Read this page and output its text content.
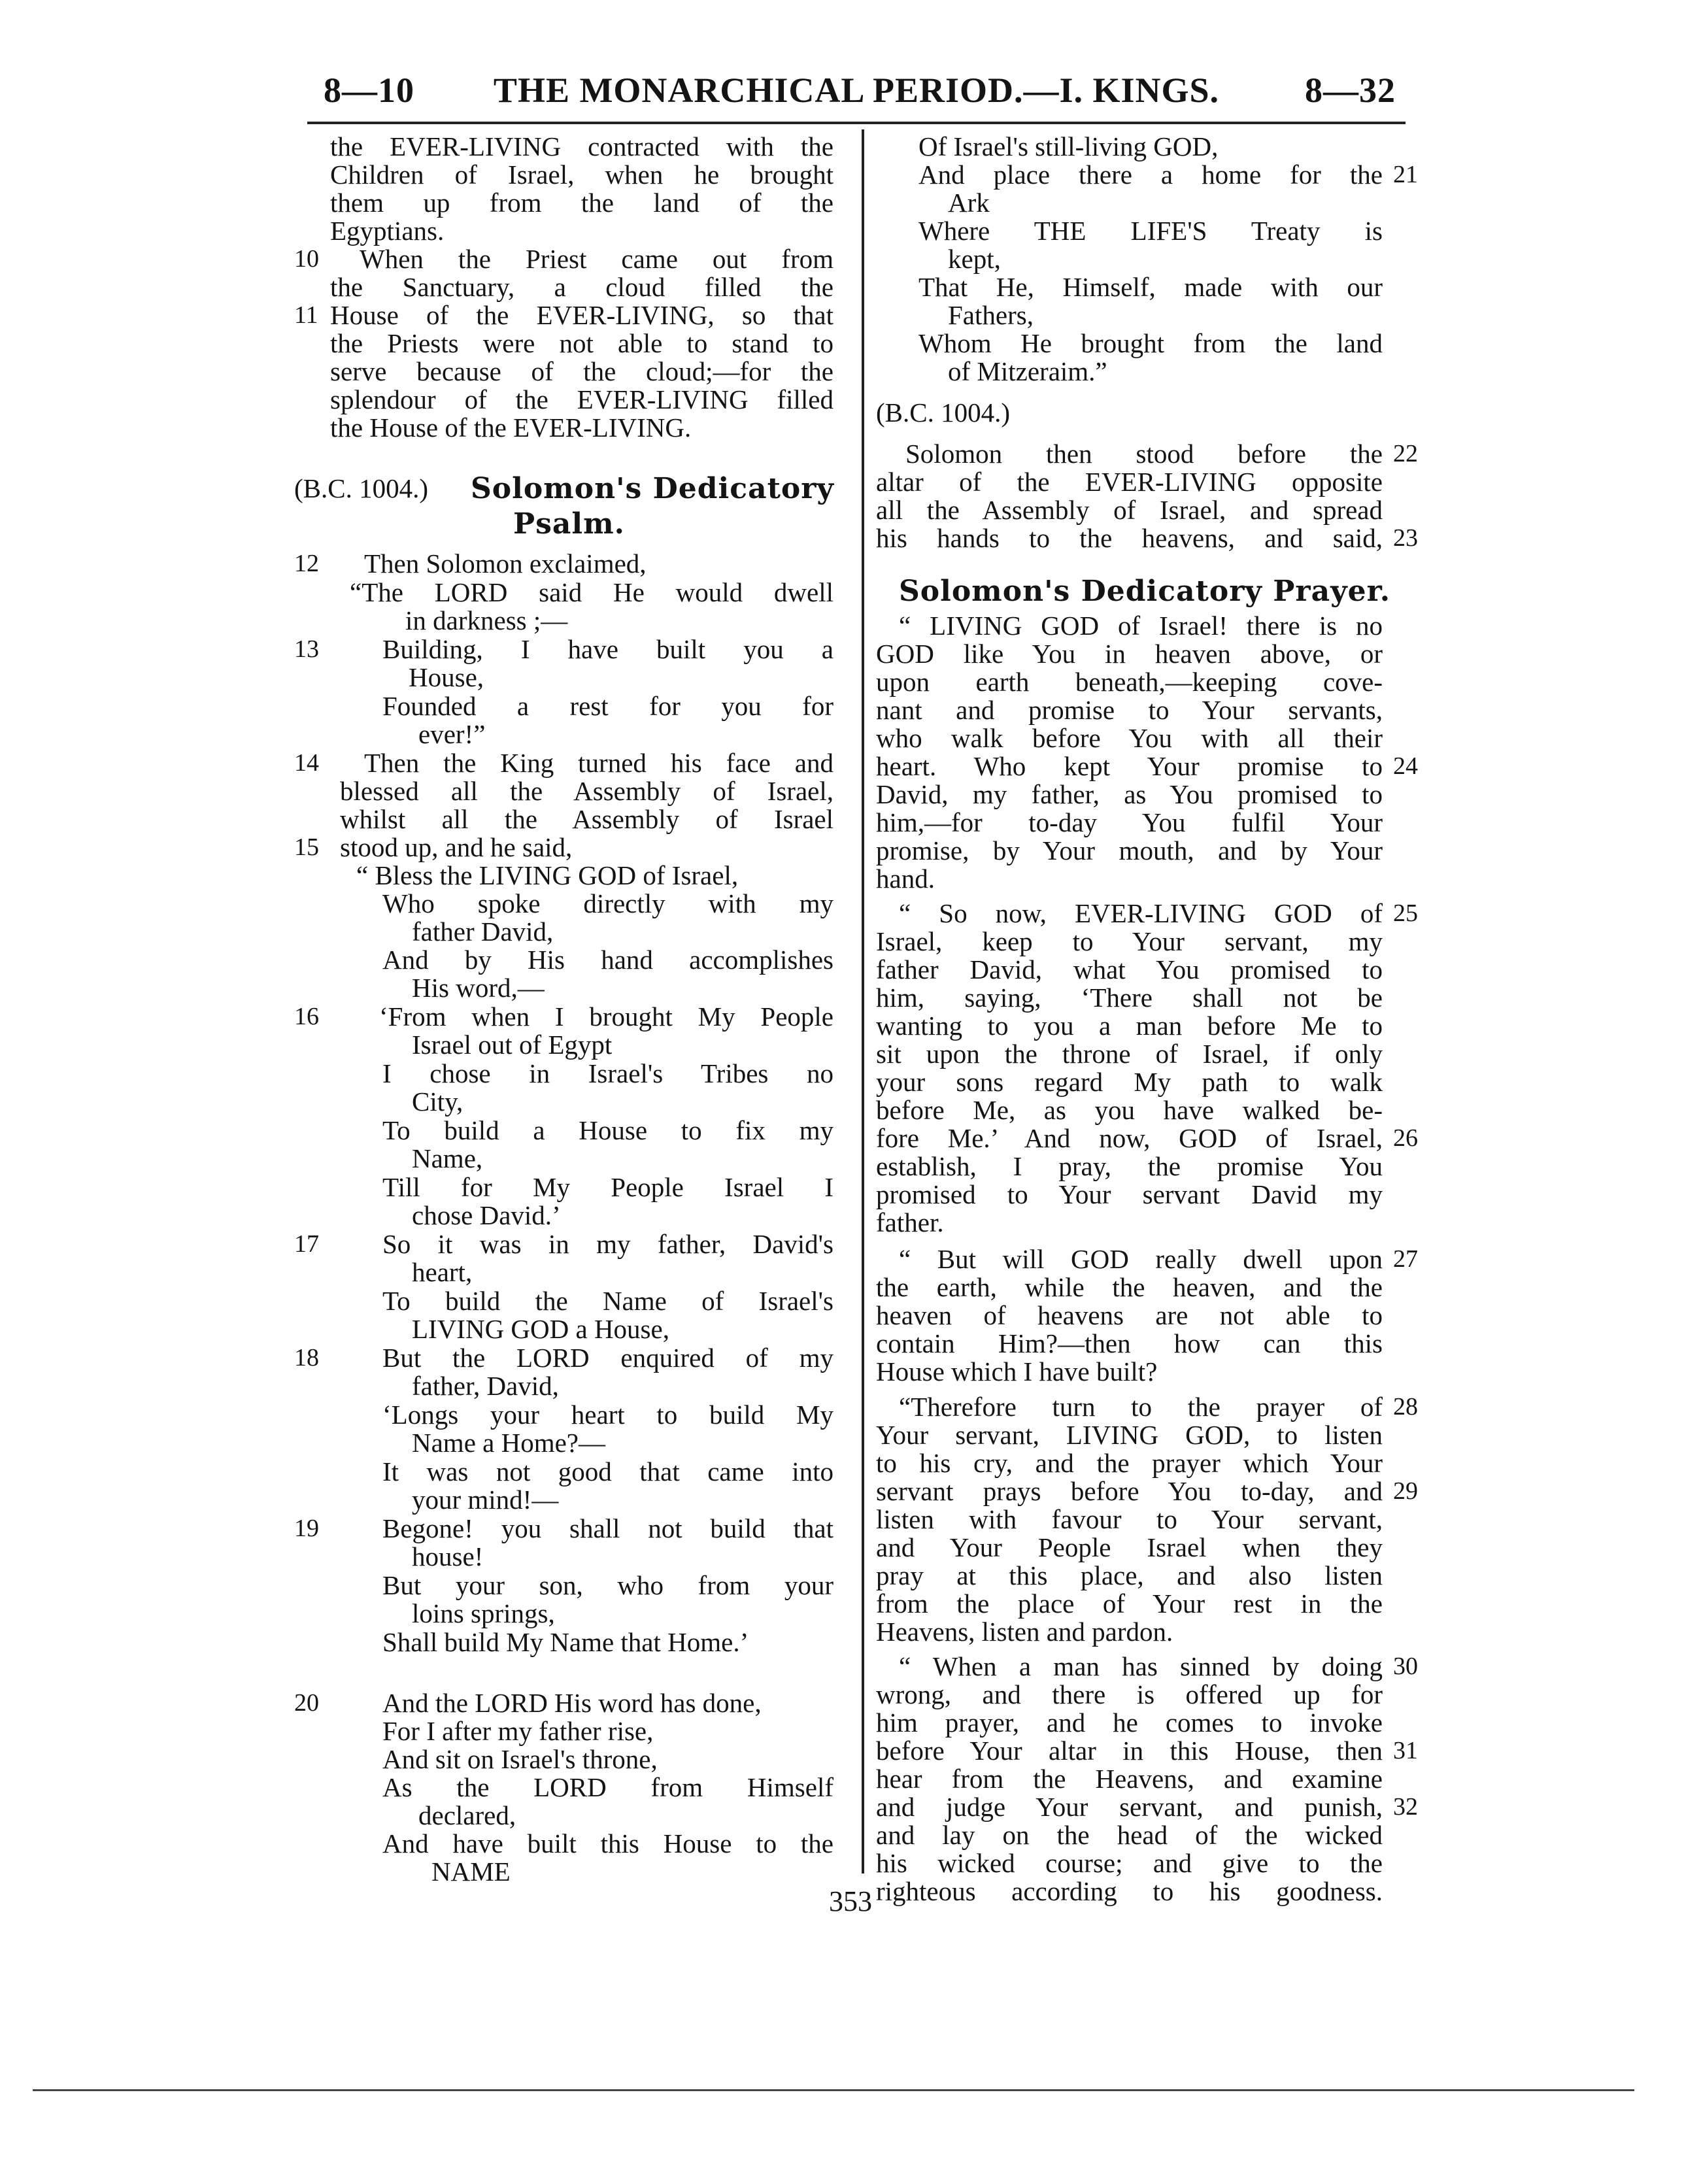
8—10	THE MONARCHICAL PERIOD.—I. KINGS.	8—32
the EVER-LIVING contracted with the
Children of Israel, when he brought
them up from the land of the
Egyptians.
When the Priest came out from
the Sanctuary, a cloud filled the
House of the EVER-LIVING, so that
the Priests were not able to stand to
serve because of the cloud;—for the
splendour of the EVER-LIVING filled
the House of the EVER-LIVING.
(B.C. 1004.) Solomon's Dedicatory
Psalm.
Then Solomon exclaimed,
“The LORD said He would dwell
in darkness ;—
Building, I have built you a
House,
Founded a rest for you for
ever!”
Then the King turned his face and
blessed all the Assembly of Israel,
whilst all the Assembly of Israel
stood up, and he said,
“ Bless the LIVING GOD of Israel,
Who spoke directly with my
father David,
And by His hand accomplishes
His word,—
‘From when I brought My People
Israel out of Egypt
I chose in Israel's Tribes no
City,
To build a House to fix my
Name,
Till for My People Israel I
chose David.’
So it was in my father, David's
heart,
To build the Name of Israel's
LIVING GOD a House,
But the LORD enquired of my
father, David,
‘Longs your heart to build My
Name a Home?—
It was not good that came into
your mind!—
Begone! you shall not build that
house!
But your son, who from your
loins springs,
Shall build My Name that Home.’
And the LORD His word has done,
For I after my father rise,
And sit on Israel's throne,
As the LORD from Himself
declared,
And have built this House to the
NAME
10
11
12
13
14
15
16
17
18
19
20
Of Israel's still-living GOD,
And place there a home for the
Ark
Where THE LIFE'S Treaty is
kept,
That He, Himself, made with our
Fathers,
Whom He brought from the land
of Mitzeraim.”
(B.C. 1004.)
Solomon then stood before the
altar of the EVER-LIVING opposite
all the Assembly of Israel, and spread
his hands to the heavens, and said,
Solomon's Dedicatory Prayer.
“ LIVING GOD of Israel! there is no
GOD like You in heaven above, or
upon earth beneath,—keeping cove-
nant and promise to Your servants,
who walk before You with all their
heart. Who kept Your promise to
David, my father, as You promised to
him,—for to-day You fulfil Your
promise, by Your mouth, and by Your
hand.
“ So now, EVER-LIVING GOD of
Israel, keep to Your servant, my
father David, what You promised to
him, saying, ‘There shall not be
wanting to you a man before Me to
sit upon the throne of Israel, if only
your sons regard My path to walk
before Me, as you have walked be-
fore Me.’ And now, GOD of Israel,
establish, I pray, the promise You
promised to Your servant David my
father.
“ But will GOD really dwell upon
the earth, while the heaven, and the
heaven of heavens are not able to
contain Him?—then how can this
House which I have built?
“Therefore turn to the prayer of
Your servant, LIVING GOD, to listen
to his cry, and the prayer which Your
servant prays before You to-day, and
listen with favour to Your servant,
and Your People Israel when they
pray at this place, and also listen
from the place of Your rest in the
Heavens, listen and pardon.
“ When a man has sinned by doing
wrong, and there is offered up for
him prayer, and he comes to invoke
before Your altar in this House, then
hear from the Heavens, and examine
and judge Your servant, and punish,
and lay on the head of the wicked
his wicked course; and give to the
righteous according to his goodness.
21
22
23
24
25
26
27
28
29
30
31
32
353
